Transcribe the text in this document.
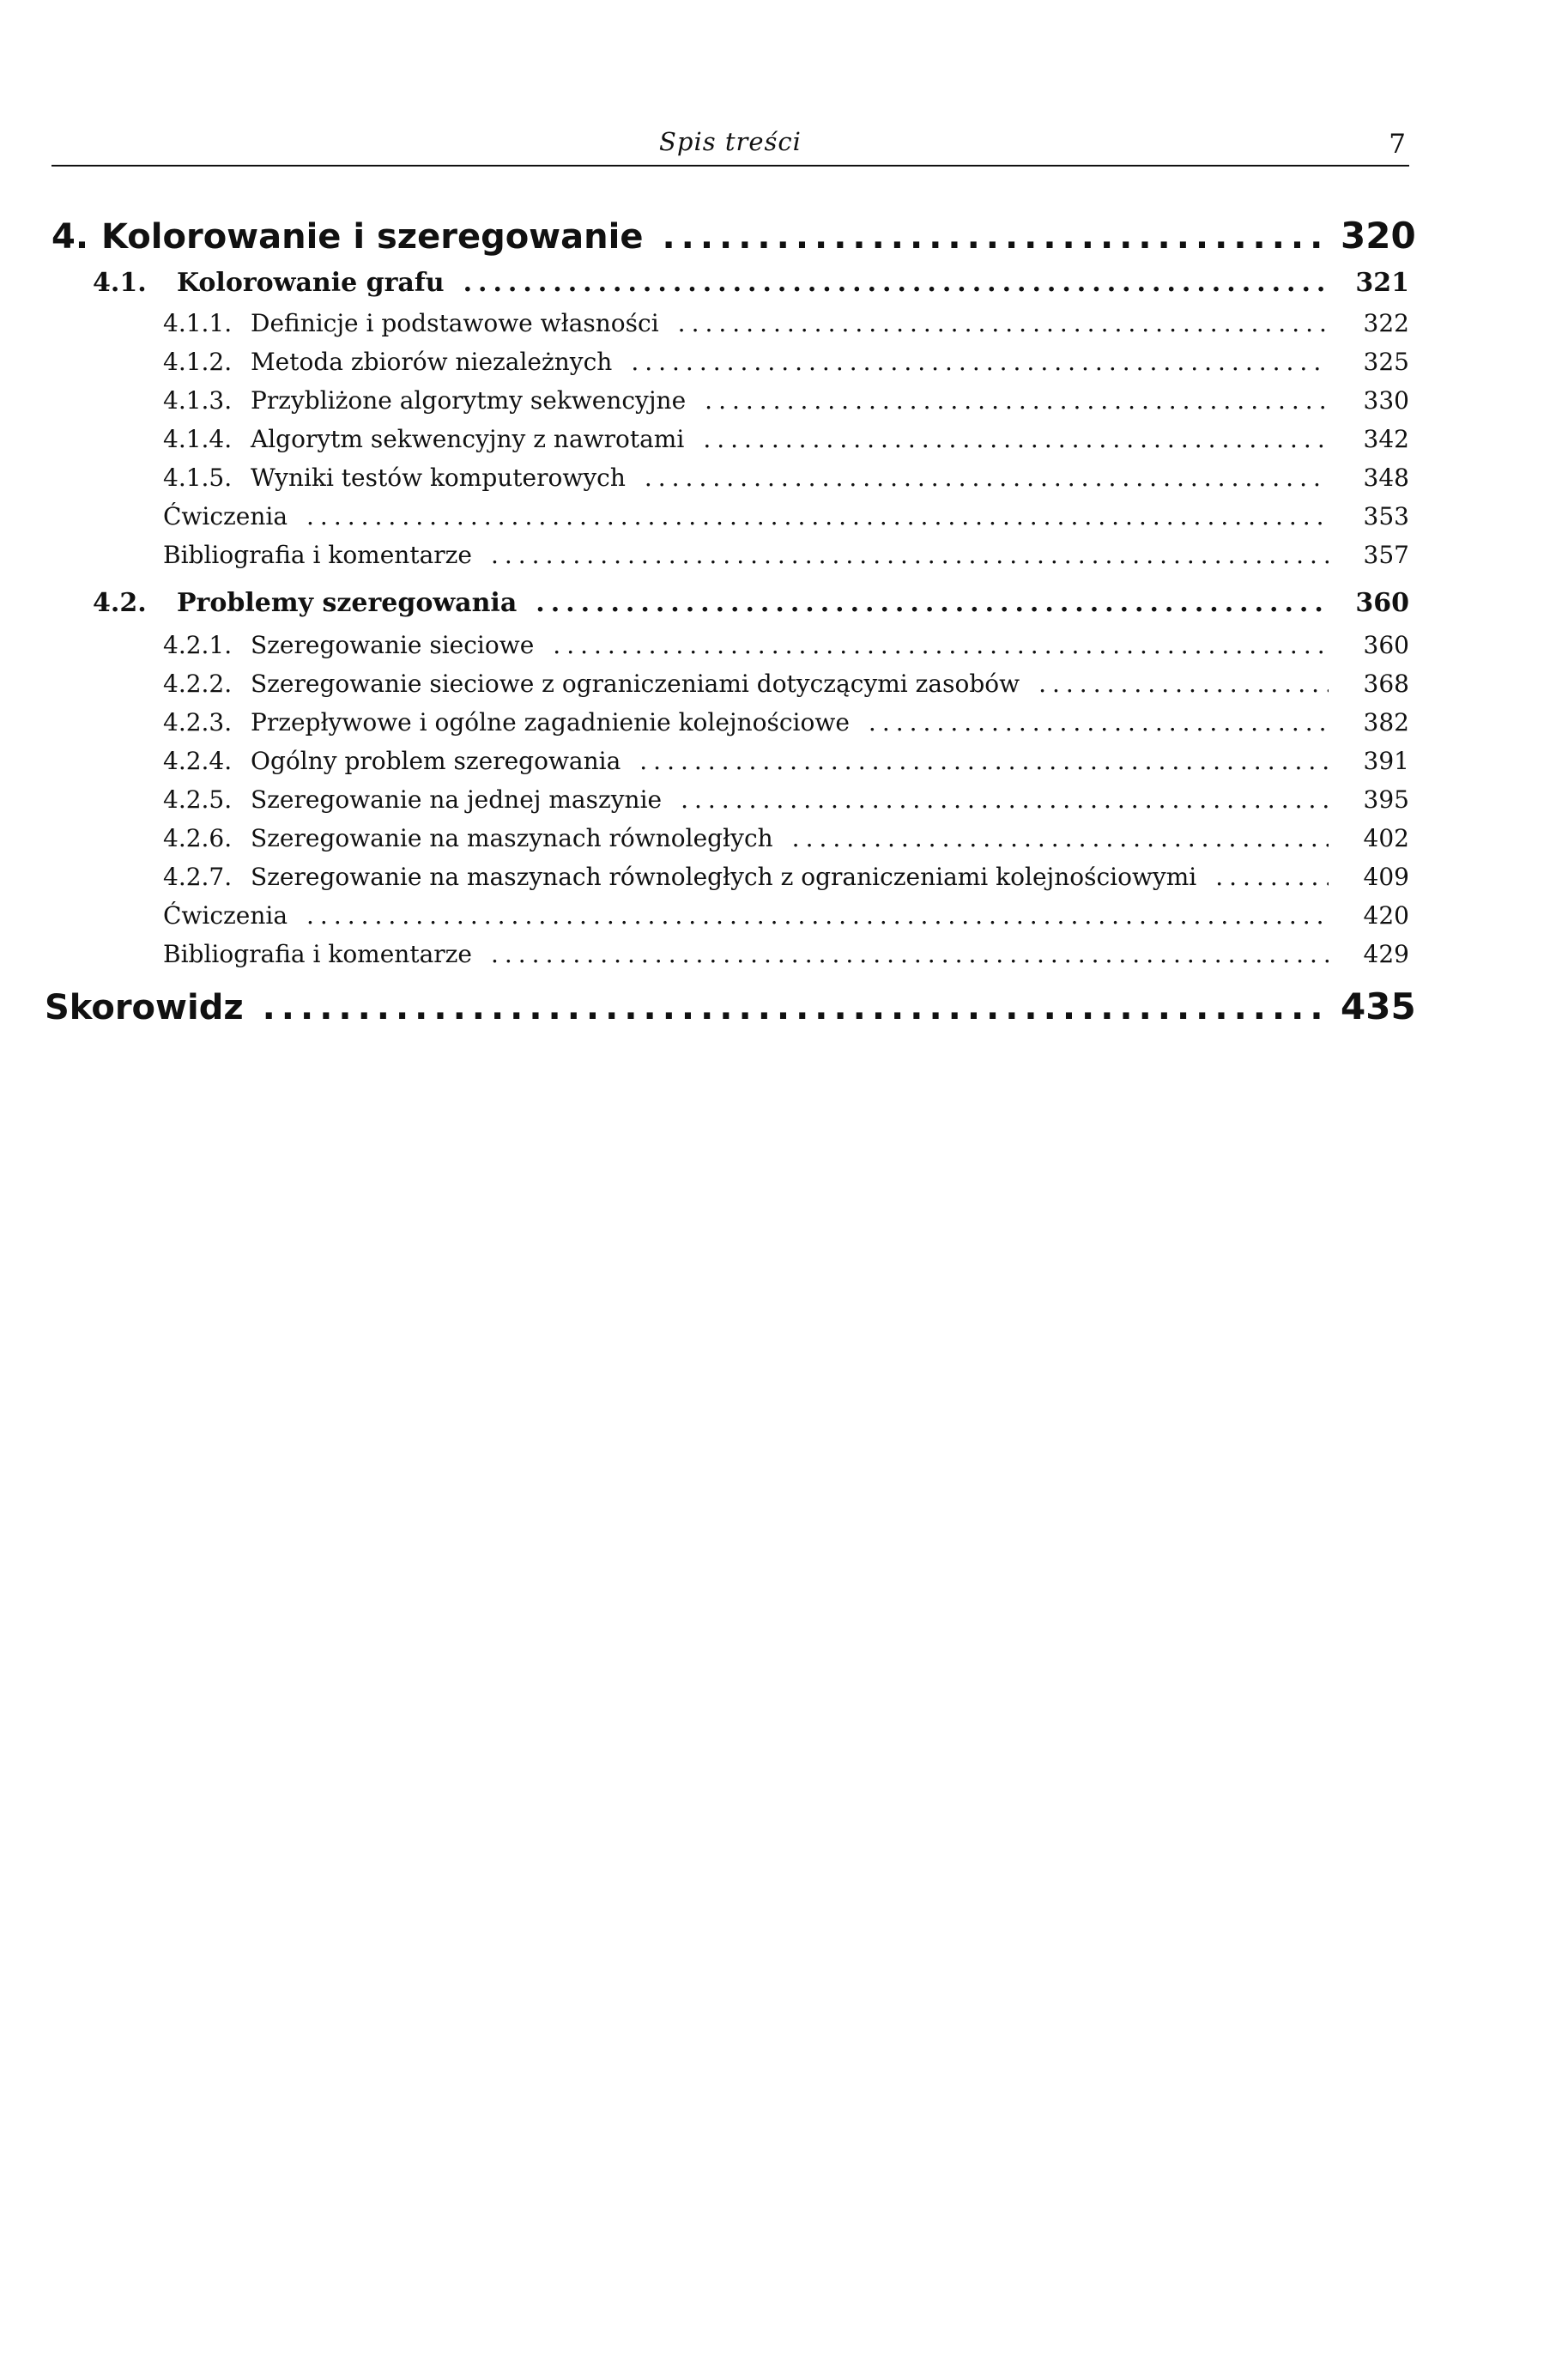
Spis treści	7
4. Kolorowanie i szeregowanie .....	320
4.1.	Kolorowanie grafu .....	321
4.1.1. Definicje i podstawowe własności .....	322
4.1.2. Metoda zbiorów niezależnych .....	325
4.1.3. Przybliżone algorytmy sekwencyjne .....	330
4.1.4. Algorytm sekwencyjny z nawrotami .....	342
4.1.5. Wyniki testów komputerowych .....	348
Ćwiczenia .....	353
Bibliografia i komentarze .....	357
4.2.	Problemy szeregowania .....	360
4.2.1. Szeregowanie sieciowe .....	360
4.2.2. Szeregowanie sieciowe z ograniczeniami dotyczącymi zasobów .....	368
4.2.3. Przepływowe i ogólne zagadnienie kolejnościowe .....	382
4.2.4. Ogólny problem szeregowania .....	391
4.2.5. Szeregowanie na jednej maszynie .....	395
4.2.6. Szeregowanie na maszynach równoległych .....	402
4.2.7. Szeregowanie na maszynach równoległych z ograniczeniami kolejnościowymi .....	409
Ćwiczenia .....	420
Bibliografia i komentarze .....	429
Skorowidz .....	435
